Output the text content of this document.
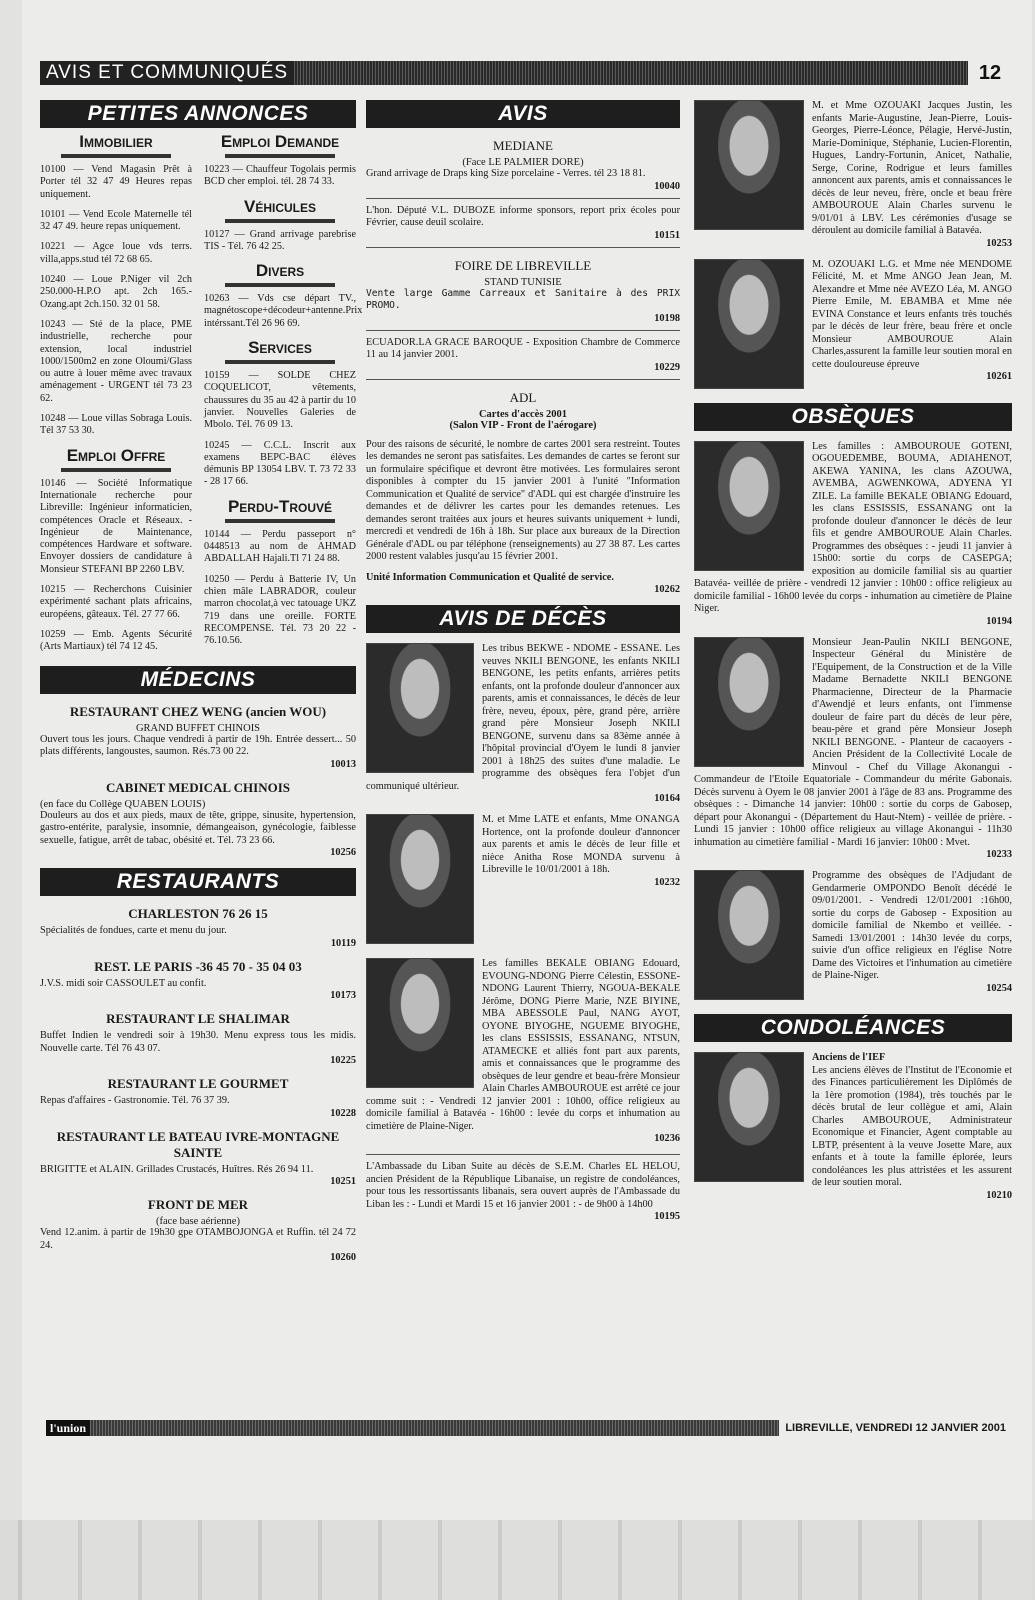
AVIS ET COMMUNIQUÉS	12
PETITES ANNONCES
Immobilier

10100 — Vend Magasin Prêt à Porter tél 32 47 49 Heures repas uniquement.

10101 — Vend Ecole Maternelle tél 32 47 49. heure repas uniquement.

10221 — Agce loue vds terrs. villa,apps.stud tél 72 68 65.

10240 — Loue P.Niger vil 2ch 250.000-H.P.O apt. 2ch 165.-Ozang.apt 2ch.150. 32 01 58.

10243 — Sté de la place, PME industrielle, recherche pour extension, local industriel 1000/1500m2 en zone Oloumi/Glass ou autre à louer même avec travaux aménagement - URGENT tél 73 23 62.

10248 — Loue villas Sobraga Louis. Tél 37 53 30.

Emploi Offre

10146 — Société Informatique Internationale recherche pour Libreville: Ingénieur informaticien, compétences Oracle et Réseaux. - Ingénieur de Maintenance, compétences Hardware et software. Envoyer dossiers de candidature à Monsieur STEFANI BP 2260 LBV.

10215 — Recherchons Cuisinier expérimenté sachant plats africains, européens, gâteaux. Tél. 27 77 66.

10259 — Emb. Agents Sécurité (Arts Martiaux) tél 74 12 45.

Emploi Demande

10223 — Chauffeur Togolais permis BCD cher emploi. tél. 28 74 33.

Véhicules

10127 — Grand arrivage parebrise TIS - Tél. 76 42 25.

Divers

10263 — Vds cse départ TV., magnétoscope+décodeur+antenne.Prix intérssant.Tél 26 96 69.

Services

10159 — SOLDE CHEZ COQUELICOT, vêtements, chaussures du 35 au 42 à partir du 10 janvier. Nouvelles Galeries de Mbolo. Tél. 76 09 13.

10245 — C.C.L. Inscrit aux examens BEPC-BAC élèves démunis BP 13054 LBV. T. 73 72 33 - 28 17 66.

Perdu-Trouvé

10144 — Perdu passeport n° 0448513 au nom de AHMAD ABDALLAH Hajali.Tl 71 24 88.

10250 — Perdu à Batterie IV, Un chien mâle LABRADOR, couleur marron chocolat,à vec tatouage UKZ 719 dans une oreille. FORTE RECOMPENSE. Tél. 73 20 22 - 76.10.56.

MÉDECINS
RESTAURANT CHEZ WENG (ancien WOU)
GRAND BUFFET CHINOIS
Ouvert tous les jours. Chaque vendredi à partir de 19h. Entrée dessert... 50 plats différents, langoustes, saumon. Rés.73 00 22.
10013
CABINET MEDICAL CHINOIS
(en face du Collège QUABEN LOUIS)
Douleurs au dos et aux pieds, maux de tête, grippe, sinusite, hypertension, gastro-entérite, paralysie, insomnie, démangeaison, gynécologie, faiblesse sexuelle, fatigue, arrêt de tabac, obésité et. Tél. 73 23 66.
10256
RESTAURANTS
CHARLESTON 76 26 15
Spécialités de fondues, carte et menu du jour.
10119
REST. LE PARIS -36 45 70 - 35 04 03
J.V.S. midi soir CASSOULET au confit.
10173
RESTAURANT LE SHALIMAR
Buffet Indien le vendredi soir à 19h30. Menu express tous les midis. Nouvelle carte. Tél 76 43 07.
10225
RESTAURANT LE GOURMET
Repas d'affaires - Gastronomie. Tél. 76 37 39.
10228
RESTAURANT LE BATEAU IVRE-MONTAGNE SAINTE
BRIGITTE et ALAIN. Grillades Crustacés, Huîtres. Rés 26 94 11.
10251
FRONT DE MER
(face base aérienne)
Vend 12.anim. à partir de 19h30 gpe OTAMBOJONGA et Ruffin. tél 24 72 24.
10260
AVIS
MEDIANE
(Face LE PALMIER DORE)
Grand arrivage de Draps king Size porcelaine - Verres. tél 23 18 81.
10040
L'hon. Député V.L. DUBOZE informe sponsors, report prix écoles pour Février, cause deuil scolaire.
10151
FOIRE DE LIBREVILLE
STAND TUNISIE
Vente large Gamme Carreaux et Sanitaire à des PRIX PROMO.
10198
ECUADOR.LA GRACE BAROQUE - Exposition Chambre de Commerce 11 au 14 janvier 2001.
10229
ADL
Cartes d'accès 2001
(Salon VIP - Front de l'aérogare)
Pour des raisons de sécurité, le nombre de cartes 2001 sera restreint. Toutes les demandes ne seront pas satisfaites. Les demandes de cartes se feront sur un formulaire spécifique et devront être motivées. Les formulaires seront disponibles à compter du 15 janvier 2001 à l'unité "Information Communication et Qualité de service" d'ADL qui est chargée d'instruire les demandes et de délivrer les cartes pour les demandes retenues. Les demandes seront traitées aux jours et heures suivants uniquement + lundi, mercredi et vendredi de 16h à 18h. Sur place aux bureaux de la Direction Générale d'ADL ou par téléphone (renseignements) au 27 38 87. Les cartes 2000 restent valables jusqu'au 15 février 2001.
Unité Information Communication et Qualité de service.
10262
AVIS DE DÉCÈS
Les tribus BEKWE - NDOME - ESSANE. Les veuves NKILI BENGONE, les enfants NKILI BENGONE, les petits enfants, arrières petits enfants, ont la profonde douleur d'annoncer aux parents, amis et connaissances, le décès de leur frère, neveu, époux, père, grand père, arrière grand père Monsieur Joseph NKILI BENGONE, survenu dans sa 83ème année à l'hôpital provincial d'Oyem le lundi 8 janvier 2001 à 18h25 des suites d'une maladie. Le programme des obsèques fera l'objet d'un communiqué ultérieur.
10164
M. et Mme LATE et enfants, Mme ONANGA Hortence, ont la profonde douleur d'annoncer aux parents et amis le décès de leur fille et nièce Anitha Rose MONDA survenu à Libreville le 10/01/2001 à 18h.
10232
Les familles BEKALE OBIANG Edouard, EVOUNG-NDONG Pierre Célestin, ESSONE-NDONG Laurent Thierry, NGOUA-BEKALE Jérôme, DONG Pierre Marie, NZE BIYINE, MBA ABESSOLE Paul, NANG AYOT, OYONE BIYOGHE, NGUEME BIYOGHE, les clans ESSISSIS, ESSANANG, NTSUN, ATAMECKE et alliés font part aux parents, amis et connaissances que le programme des obsèques de leur gendre et beau-frère Monsieur Alain Charles AMBOUROUE est arrêté ce jour comme suit : - Vendredi 12 janvier 2001 : 10h00, office religieux au domicile familial à Batavéa - 16h00 : levée du corps et inhumation au cimetière de Plaine-Niger.
10236
L'Ambassade du Liban Suite au décès de S.E.M. Charles EL HELOU, ancien Président de la République Libanaise, un registre de condoléances, pour tous les ressortissants libanais, sera ouvert auprès de l'Ambassade du Liban les : - Lundi et Mardi 15 et 16 janvier 2001 : - de 9h00 à 14h00
10195
M. et Mme OZOUAKI Jacques Justin, les enfants Marie-Augustine, Jean-Pierre, Louis-Georges, Pierre-Léonce, Pélagie, Hervé-Justin, Marie-Dominique, Stéphanie, Lucien-Florentin, Hugues, Landry-Fortunin, Anicet, Nathalie, Serge, Corine, Rodrigue et leurs familles annoncent aux parents, amis et connaissances le décès de leur neveu, frère, oncle et beau frère AMBOUROUE Alain Charles survenu le 9/01/01 à LBV. Les cérémonies d'usage se déroulent au domicile familial à Batavéa.
10253
M. OZOUAKI L.G. et Mme née MENDOME Félicité, M. et Mme ANGO Jean Jean, M. Alexandre et Mme née AVEZO Léa, M. ANGO Pierre Emile, M. EBAMBA et Mme née EVINA Constance et leurs enfants très touchés par le décès de leur frère, beau frère et oncle Monsieur AMBOUROUE Alain Charles,assurent la famille leur soutien moral en cette douloureuse épreuve
10261
OBSÈQUES
Les familles : AMBOUROUE GOTENI, OGOUEDEMBE, BOUMA, ADIAHENOT, AKEWA YANINA, les clans AZOUWA, AVEMBA, AGWENKOWA, ADYENA YI ZILE. La famille BEKALE OBIANG Edouard, les clans ESSISSIS, ESSANANG ont la profonde douleur d'annoncer le décès de leur fils et gendre AMBOUROUE Alain Charles. Programmes des obsèques : - jeudi 11 janvier à 15h00: sortie du corps de CASEPGA; exposition au domicile familial sis au quartier Batavéa- veillée de prière - vendredi 12 janvier : 10h00 : office religieux au domicile familial - 16h00 levée du corps - inhumation au cimetière de Plaine Niger.
10194
Monsieur Jean-Paulin NKILI BENGONE, Inspecteur Général du Ministère de l'Equipement, de la Construction et de la Ville Madame Bernadette NKILI BENGONE Pharmacienne, Directeur de la Pharmacie d'Awendjé et leurs enfants, ont l'immense douleur de faire part du décès de leur père, beau-père et grand père Monsieur Joseph NKILI BENGONE. - Planteur de cacaoyers - Ancien Président de la Collectivité Locale de Minvoul - Chef du Village Akonangui - Commandeur de l'Etoile Equatoriale - Commandeur du mérite Gabonais. Décès survenu à Oyem le 08 janvier 2001 à l'âge de 83 ans. Programme des obsèques : - Dimanche 14 janvier: 10h00 : sortie du corps de Gabosep, départ pour Akonangui - (Département du Haut-Ntem) - veillée de prière. - Lundi 15 janvier : 10h00 office religieux au village Akonangui - 11h30 inhumation au cimetière familial - Mardi 16 janvier: 10h00 : Mvet.
10233
Programme des obsèques de l'Adjudant de Gendarmerie OMPONDO Benoît décédé le 09/01/2001. - Vendredi 12/01/2001 :16h00, sortie du corps de Gabosep - Exposition au domicile familial de Nkembo et veillée. - Samedi 13/01/2001 : 14h30 levée du corps, suivie d'un office religieux en l'église Notre Dame des Victoires et l'inhumation au cimetière de Plaine-Niger.
10254
CONDOLÉANCES
Anciens de l'IEF
Les anciens élèves de l'Institut de l'Economie et des Finances particulièrement les Diplômés de la 1ère promotion (1984), très touchés par le décès brutal de leur collègue et ami, Alain Charles AMBOUROUE, Administrateur Economique et Financier, Agent comptable au LBTP, présentent à la veuve Josette Mare, aux enfants et à toute la famille éplorée, leurs condoléances les plus attristées et les assurent de leur soutien moral.
10210
l'union	LIBREVILLE, VENDREDI 12 JANVIER 2001
